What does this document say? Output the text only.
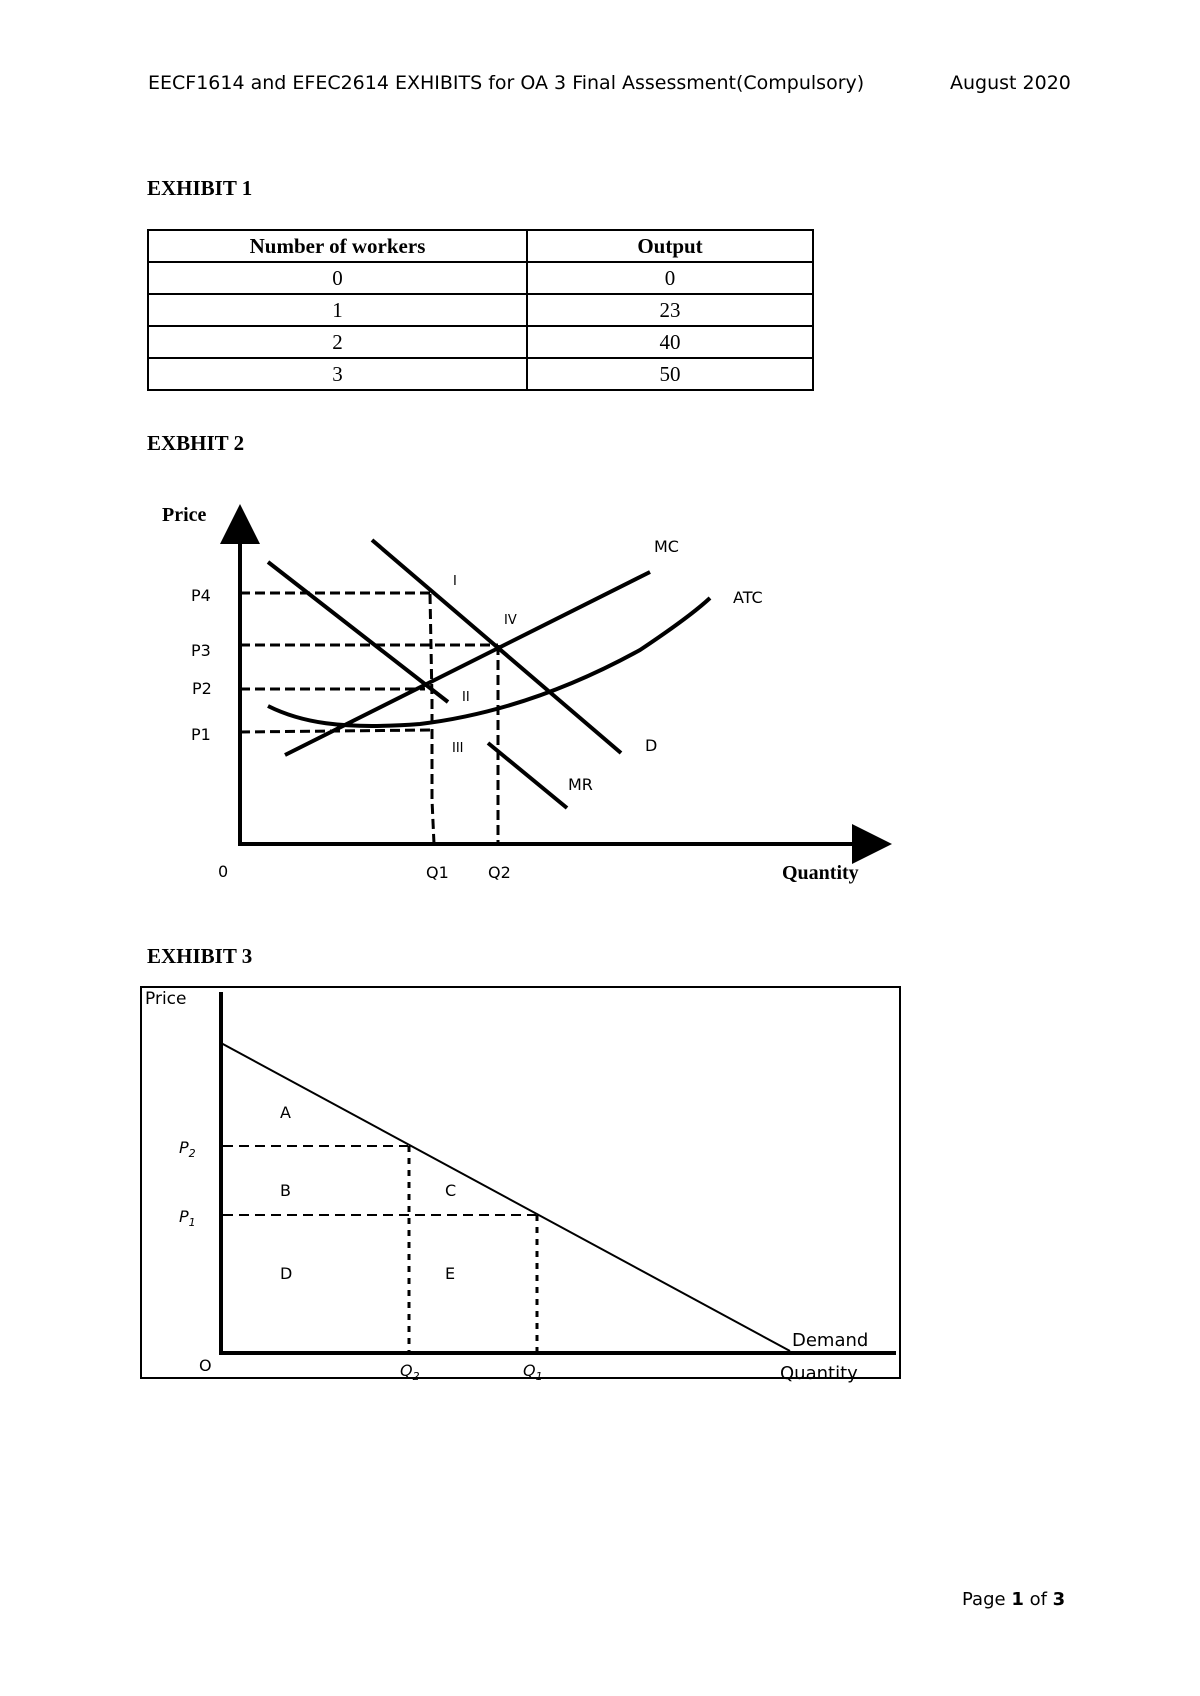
EECF1614 and EFEC2614 EXHIBITS for OA 3 Final Assessment(Compulsory)	August 2020
EXHIBIT 1
Number of workers	Output
0	0
1	23
2	40
3	50
EXBHIT 2
Price
Quantity
0
P4
P3
P2
P1
Q1 Q2
MC
ATC
D
MR
I
IV
II
III
EXHIBIT 3
Price
Quantity
Demand
O
$P_2$
$P_1$
$Q_2$	$Q_1$
A
B	C
D	E
Page 1 of 3
